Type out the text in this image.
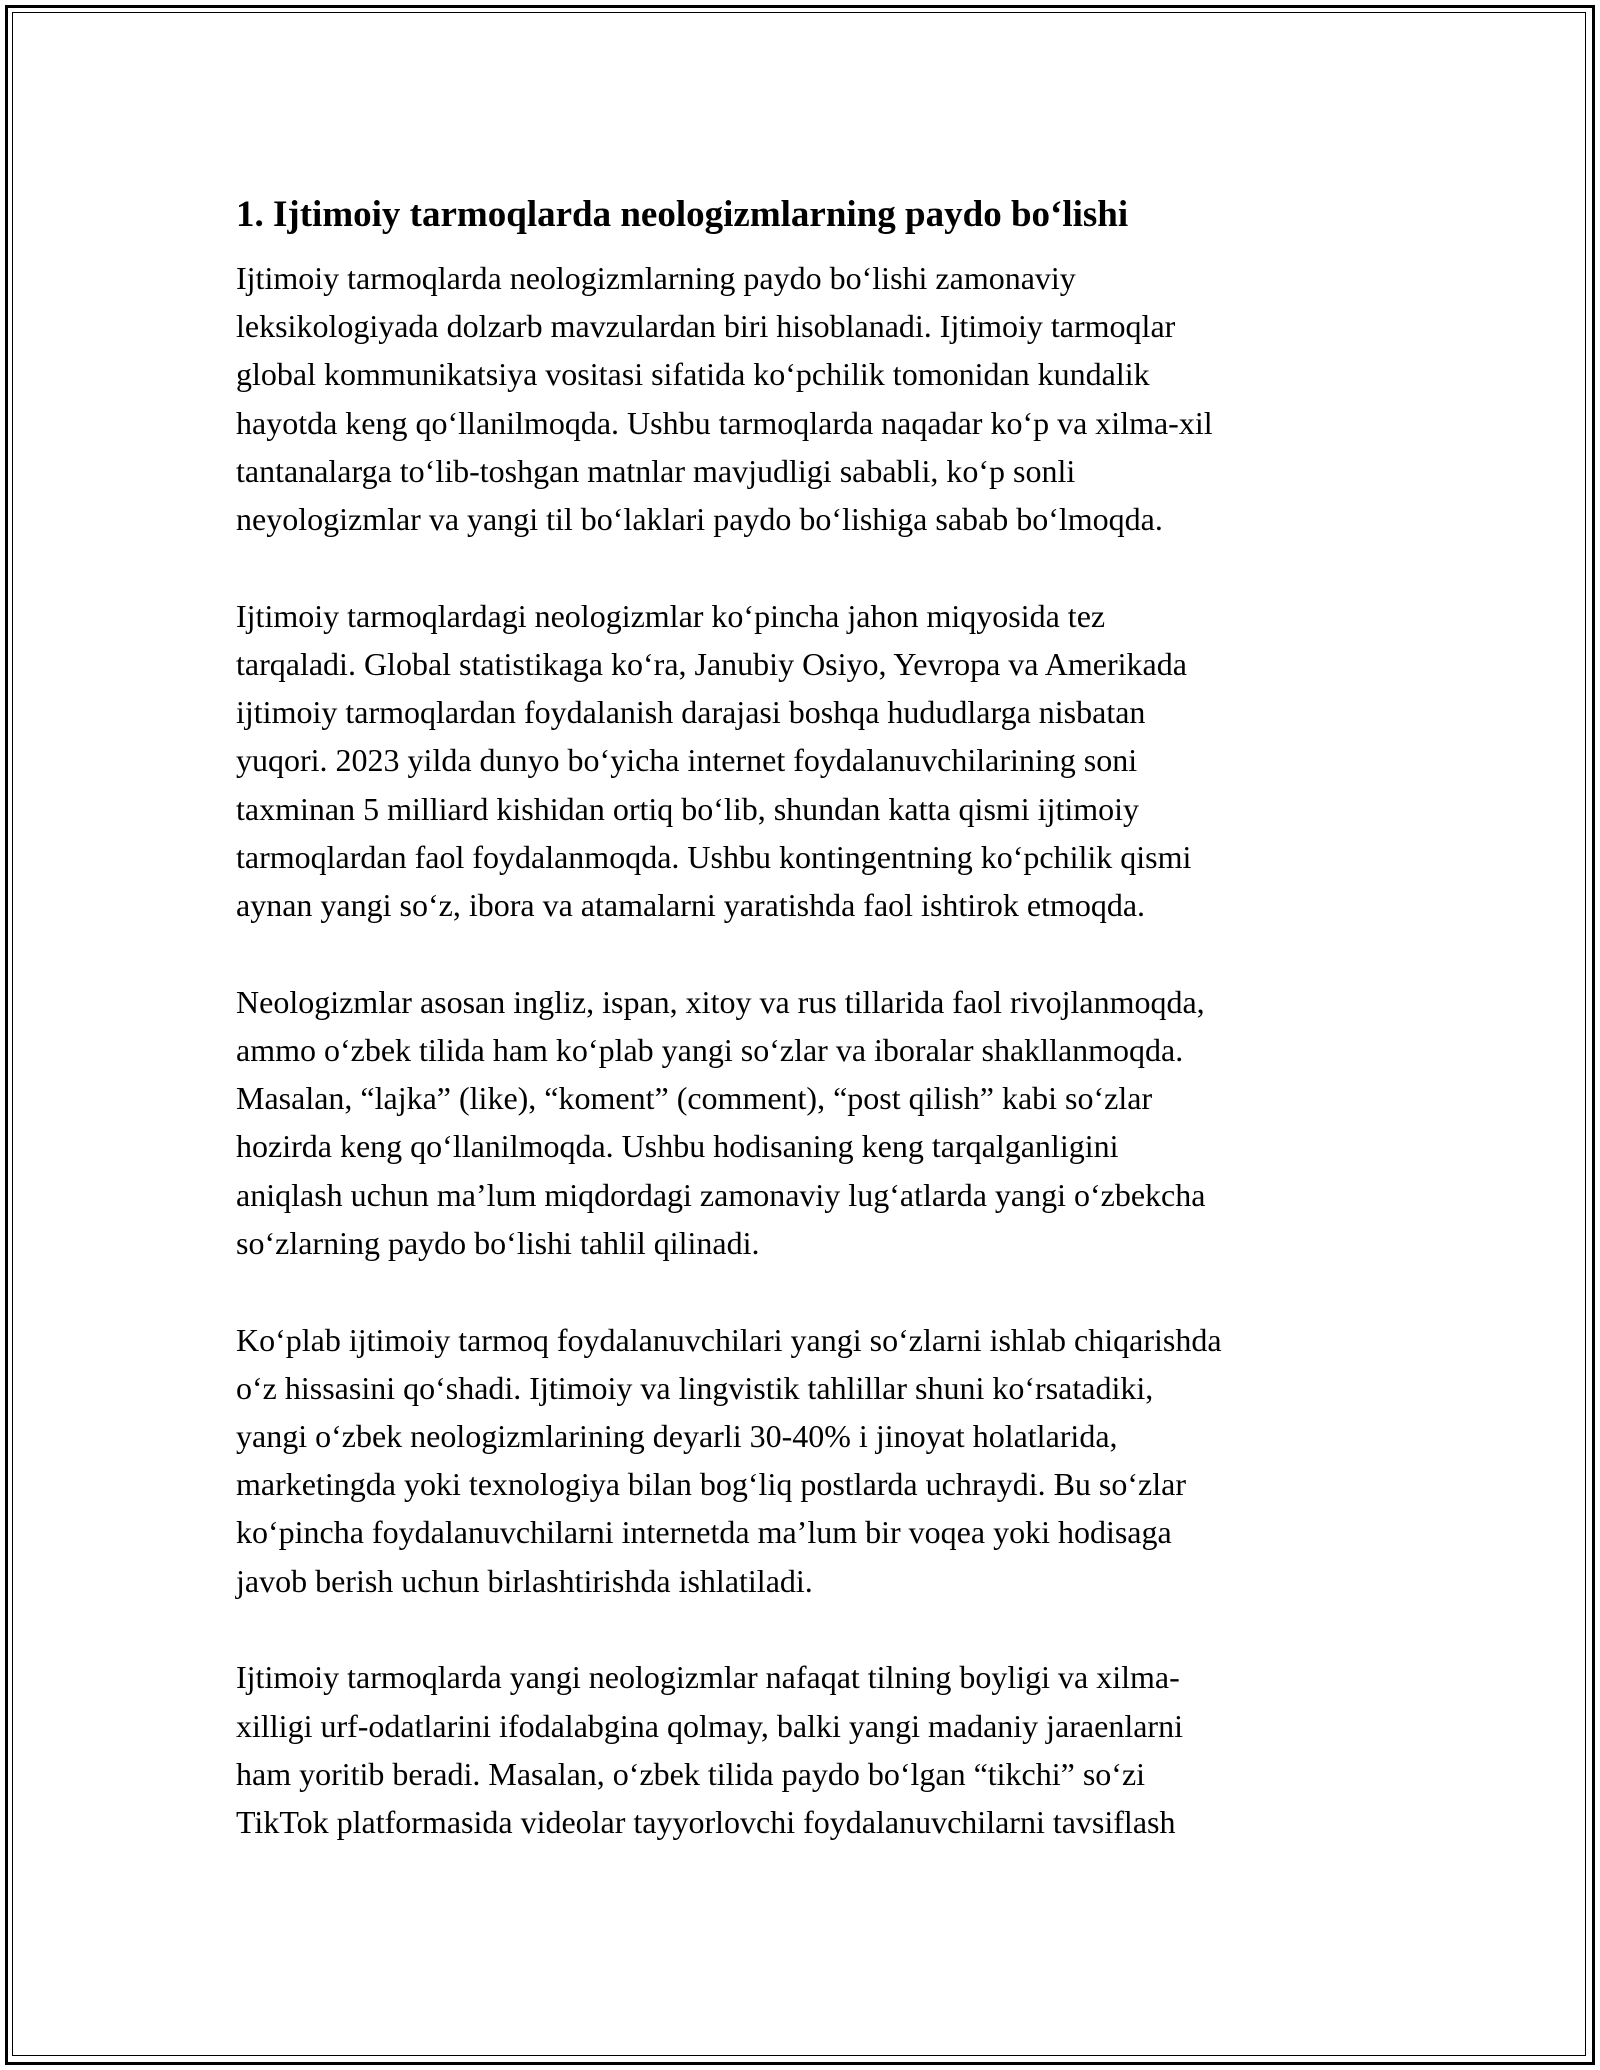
1. Ijtimoiy tarmoqlarda neologizmlarning paydo bo‘lishi

Ijtimoiy tarmoqlarda neologizmlarning paydo bo‘lishi zamonaviy
leksikologiyada dolzarb mavzulardan biri hisoblanadi. Ijtimoiy tarmoqlar
global kommunikatsiya vositasi sifatida ko‘pchilik tomonidan kundalik
hayotda keng qo‘llanilmoqda. Ushbu tarmoqlarda naqadar ko‘p va xilma-xil
tantanalarga to‘lib-toshgan matnlar mavjudligi sababli, ko‘p sonli
neyologizmlar va yangi til bo‘laklari paydo bo‘lishiga sabab bo‘lmoqda.

Ijtimoiy tarmoqlardagi neologizmlar ko‘pincha jahon miqyosida tez
tarqaladi. Global statistikaga ko‘ra, Janubiy Osiyo, Yevropa va Amerikada
ijtimoiy tarmoqlardan foydalanish darajasi boshqa hududlarga nisbatan
yuqori. 2023 yilda dunyo bo‘yicha internet foydalanuvchilarining soni
taxminan 5 milliard kishidan ortiq bo‘lib, shundan katta qismi ijtimoiy
tarmoqlardan faol foydalanmoqda. Ushbu kontingentning ko‘pchilik qismi
aynan yangi so‘z, ibora va atamalarni yaratishda faol ishtirok etmoqda.

Neologizmlar asosan ingliz, ispan, xitoy va rus tillarida faol rivojlanmoqda,
ammo o‘zbek tilida ham ko‘plab yangi so‘zlar va iboralar shakllanmoqda.
Masalan, “lajka” (like), “koment” (comment), “post qilish” kabi so‘zlar
hozirda keng qo‘llanilmoqda. Ushbu hodisaning keng tarqalganligini
aniqlash uchun ma’lum miqdordagi zamonaviy lug‘atlarda yangi o‘zbekcha
so‘zlarning paydo bo‘lishi tahlil qilinadi.

Ko‘plab ijtimoiy tarmoq foydalanuvchilari yangi so‘zlarni ishlab chiqarishda
o‘z hissasini qo‘shadi. Ijtimoiy va lingvistik tahlillar shuni ko‘rsatadiki,
yangi o‘zbek neologizmlarining deyarli 30-40% i jinoyat holatlarida,
marketingda yoki texnologiya bilan bog‘liq postlarda uchraydi. Bu so‘zlar
ko‘pincha foydalanuvchilarni internetda ma’lum bir voqea yoki hodisaga
javob berish uchun birlashtirishda ishlatiladi.

Ijtimoiy tarmoqlarda yangi neologizmlar nafaqat tilning boyligi va xilma-
xilligi urf-odatlarini ifodalabgina qolmay, balki yangi madaniy jaraenlarni
ham yoritib beradi. Masalan, o‘zbek tilida paydo bo‘lgan “tikchi” so‘zi
TikTok platformasida videolar tayyorlovchi foydalanuvchilarni tavsiflash
